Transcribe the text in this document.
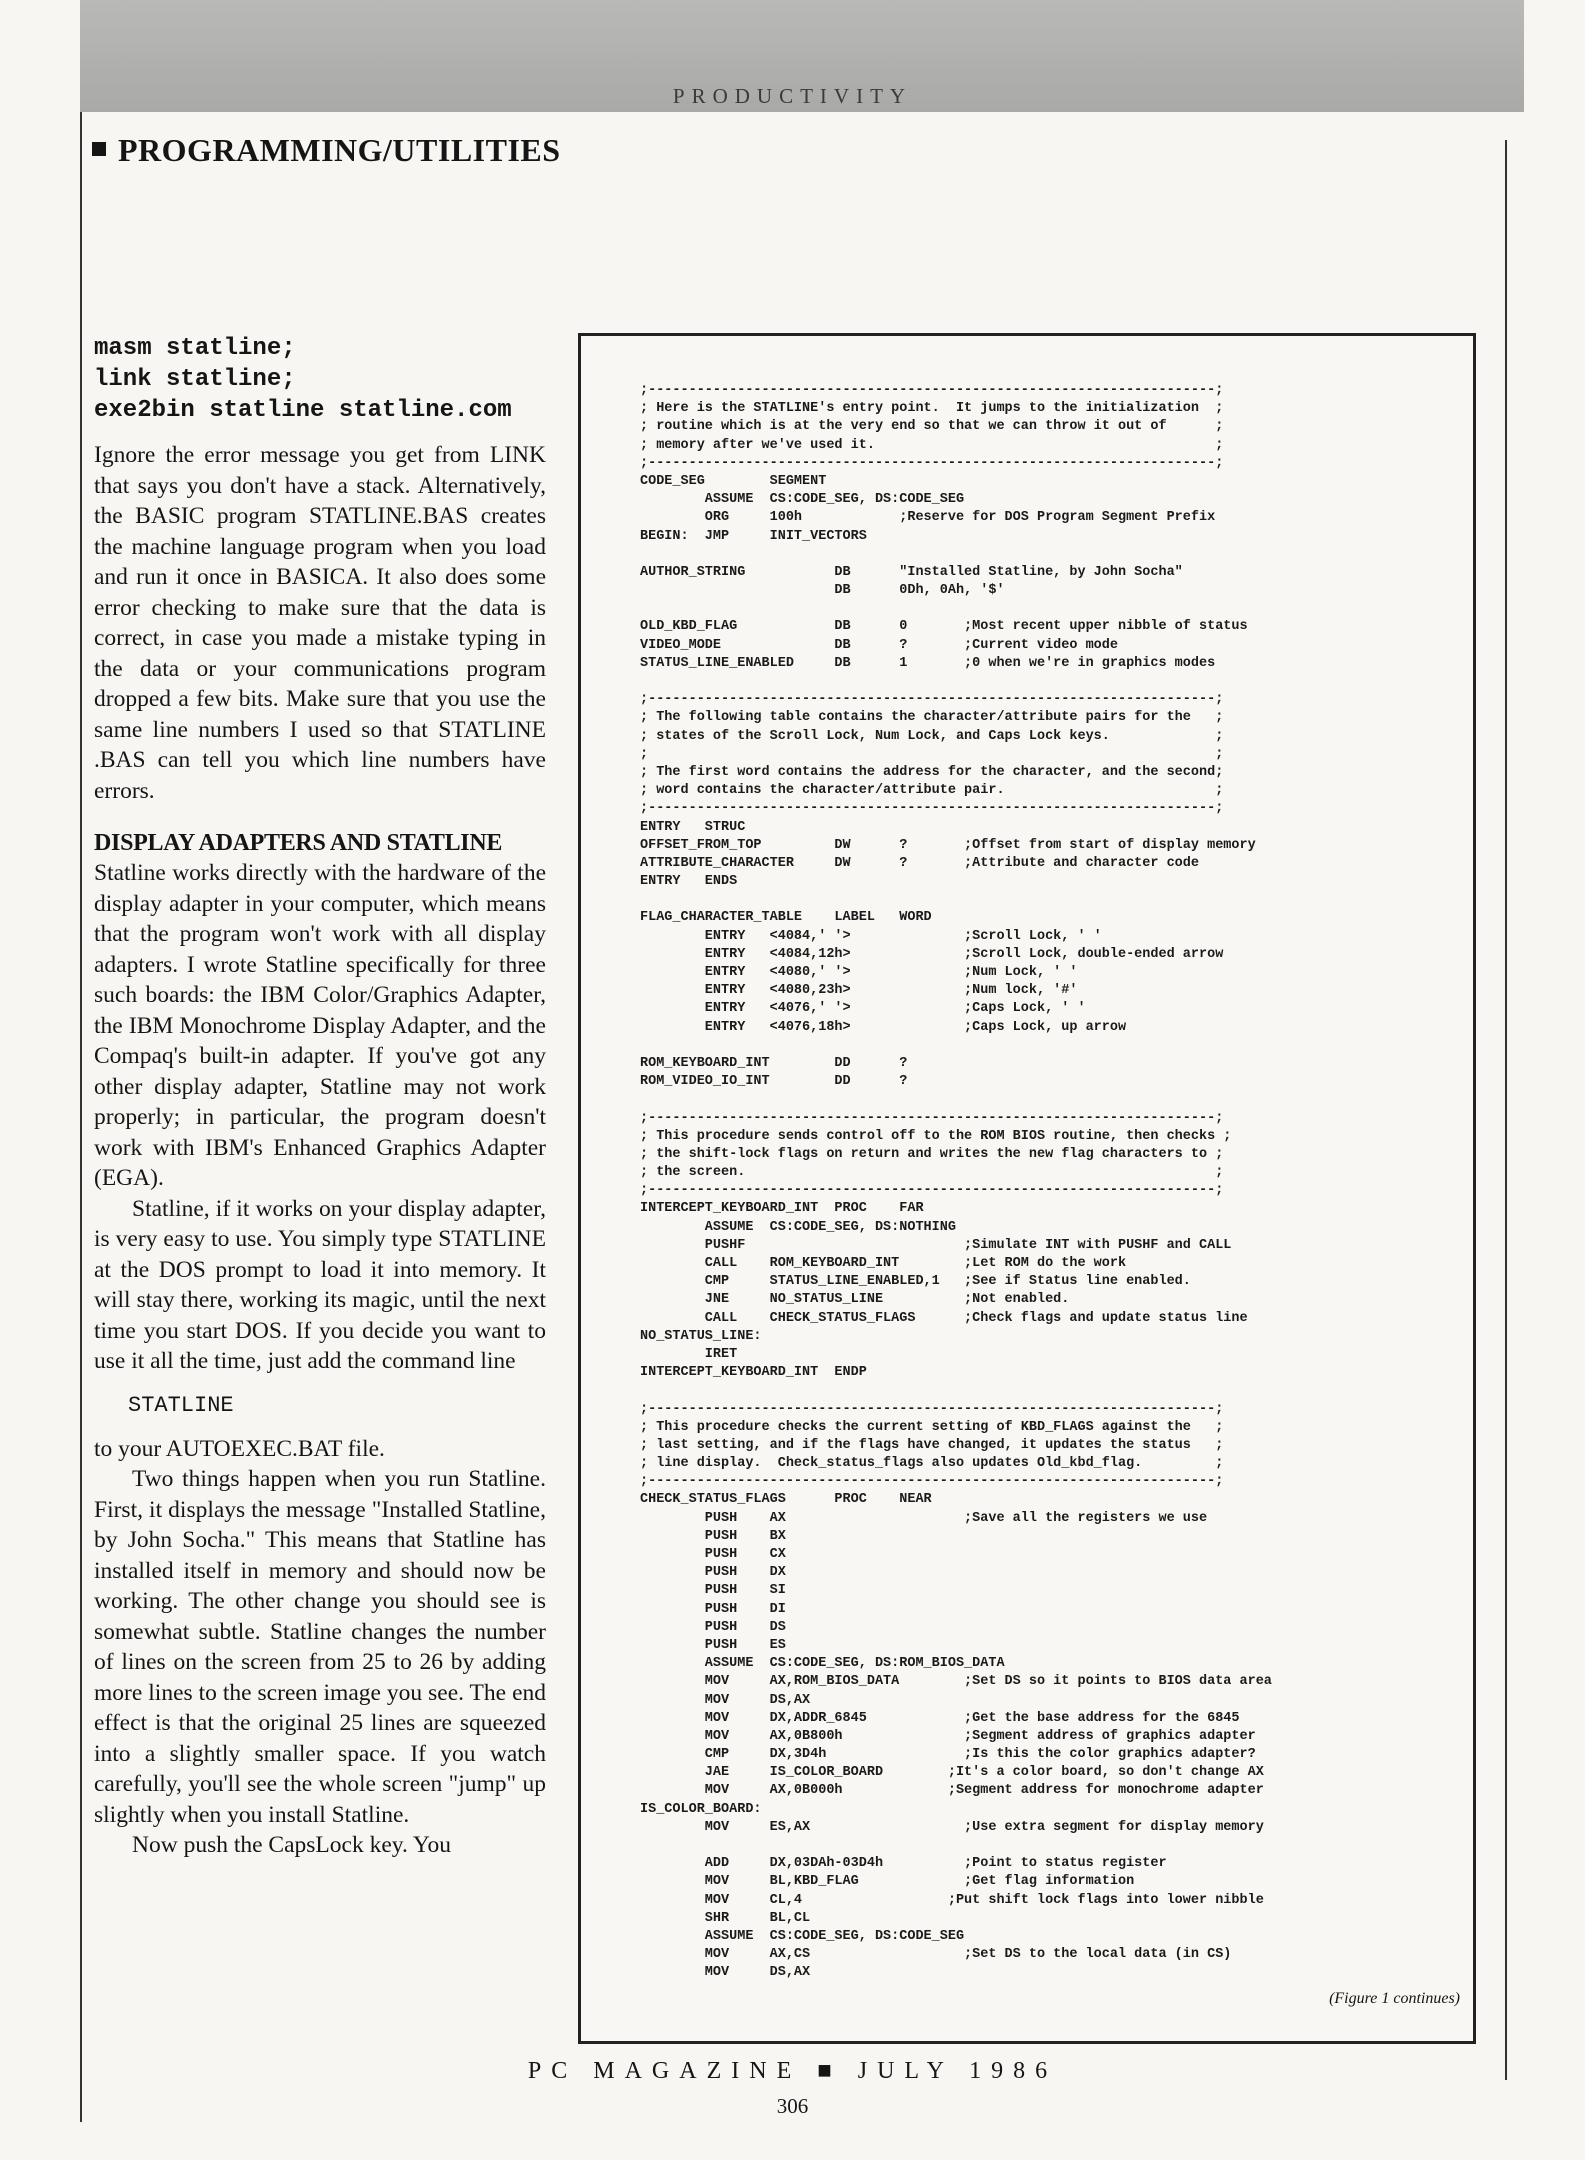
PRODUCTIVITY
PROGRAMMING/UTILITIES
masm statline;
link statline;
exe2bin statline statline.com

Ignore the error message you get from LINK that says you don't have a stack. Alternatively, the BASIC program STATLINE.BAS creates the machine language program when you load and run it once in BASICA. It also does some error checking to make sure that the data is correct, in case you made a mistake typing in the data or your communications program dropped a few bits. Make sure that you use the same line numbers I used so that STATLINE .BAS can tell you which line numbers have errors.

DISPLAY ADAPTERS AND STATLINE

Statline works directly with the hardware of the display adapter in your computer, which means that the program won't work with all display adapters. I wrote Statline specifically for three such boards: the IBM Color/Graphics Adapter, the IBM Monochrome Display Adapter, and the Compaq's built-in adapter. If you've got any other display adapter, Statline may not work properly; in particular, the program doesn't work with IBM's Enhanced Graphics Adapter (EGA).

Statline, if it works on your display adapter, is very easy to use. You simply type STATLINE at the DOS prompt to load it into memory. It will stay there, working its magic, until the next time you start DOS. If you decide you want to use it all the time, just add the command line

STATLINE

to your AUTOEXEC.BAT file.

Two things happen when you run Statline. First, it displays the message "Installed Statline, by John Socha." This means that Statline has installed itself in memory and should now be working. The other change you should see is somewhat subtle. Statline changes the number of lines on the screen from 25 to 26 by adding more lines to the screen image you see. The end effect is that the original 25 lines are squeezed into a slightly smaller space. If you watch carefully, you'll see the whole screen "jump" up slightly when you install Statline.

Now push the CapsLock key. You

;----------------------------------------------------------------------;
; Here is the STATLINE's entry point.  It jumps to the initialization  ;
; routine which is at the very end so that we can throw it out of      ;
; memory after we've used it.                                          ;
;----------------------------------------------------------------------;
CODE_SEG        SEGMENT
ASSUME  CS:CODE_SEG, DS:CODE_SEG
ORG     100h            ;Reserve for DOS Program Segment Prefix
BEGIN:  JMP     INIT_VECTORS
AUTHOR_STRING           DB      "Installed Statline, by John Socha"
DB      0Dh, 0Ah, '$'
OLD_KBD_FLAG            DB      0       ;Most recent upper nibble of status
VIDEO_MODE              DB      ?       ;Current video mode
STATUS_LINE_ENABLED     DB      1       ;0 when we're in graphics modes
;----------------------------------------------------------------------;
; The following table contains the character/attribute pairs for the   ;
; states of the Scroll Lock, Num Lock, and Caps Lock keys.             ;
;                                                                      ;
; The first word contains the address for the character, and the second;
; word contains the character/attribute pair.                          ;
;----------------------------------------------------------------------;
ENTRY   STRUC
OFFSET_FROM_TOP         DW      ?       ;Offset from start of display memory
ATTRIBUTE_CHARACTER     DW      ?       ;Attribute and character code
ENTRY   ENDS
FLAG_CHARACTER_TABLE    LABEL   WORD
ENTRY   <4084,' '>              ;Scroll Lock, ' '
ENTRY   <4084,12h>              ;Scroll Lock, double-ended arrow
ENTRY   <4080,' '>              ;Num Lock, ' '
ENTRY   <4080,23h>              ;Num lock, '#'
ENTRY   <4076,' '>              ;Caps Lock, ' '
ENTRY   <4076,18h>              ;Caps Lock, up arrow
ROM_KEYBOARD_INT        DD      ?
ROM_VIDEO_IO_INT        DD      ?
;----------------------------------------------------------------------;
; This procedure sends control off to the ROM BIOS routine, then checks ;
; the shift-lock flags on return and writes the new flag characters to ;
; the screen.                                                          ;
;----------------------------------------------------------------------;
INTERCEPT_KEYBOARD_INT  PROC    FAR
ASSUME  CS:CODE_SEG, DS:NOTHING
PUSHF                           ;Simulate INT with PUSHF and CALL
CALL    ROM_KEYBOARD_INT        ;Let ROM do the work
CMP     STATUS_LINE_ENABLED,1   ;See if Status line enabled.
JNE     NO_STATUS_LINE          ;Not enabled.
CALL    CHECK_STATUS_FLAGS      ;Check flags and update status line
NO_STATUS_LINE:
IRET
INTERCEPT_KEYBOARD_INT  ENDP
;----------------------------------------------------------------------;
; This procedure checks the current setting of KBD_FLAGS against the   ;
; last setting, and if the flags have changed, it updates the status   ;
; line display.  Check_status_flags also updates Old_kbd_flag.         ;
;----------------------------------------------------------------------;
CHECK_STATUS_FLAGS      PROC    NEAR
PUSH    AX                      ;Save all the registers we use
PUSH    BX
PUSH    CX
PUSH    DX
PUSH    SI
PUSH    DI
PUSH    DS
PUSH    ES
ASSUME  CS:CODE_SEG, DS:ROM_BIOS_DATA
MOV     AX,ROM_BIOS_DATA        ;Set DS so it points to BIOS data area
MOV     DS,AX
MOV     DX,ADDR_6845            ;Get the base address for the 6845
MOV     AX,0B800h               ;Segment address of graphics adapter
CMP     DX,3D4h                 ;Is this the color graphics adapter?
JAE     IS_COLOR_BOARD        ;It's a color board, so don't change AX
MOV     AX,0B000h             ;Segment address for monochrome adapter
IS_COLOR_BOARD:
MOV     ES,AX                   ;Use extra segment for display memory
ADD     DX,03DAh-03D4h          ;Point to status register
MOV     BL,KBD_FLAG             ;Get flag information
MOV     CL,4                  ;Put shift lock flags into lower nibble
SHR     BL,CL
ASSUME  CS:CODE_SEG, DS:CODE_SEG
MOV     AX,CS                   ;Set DS to the local data (in CS)
MOV     DS,AX
(Figure 1 continues)
PC MAGAZINE ■ JULY 1986
306
